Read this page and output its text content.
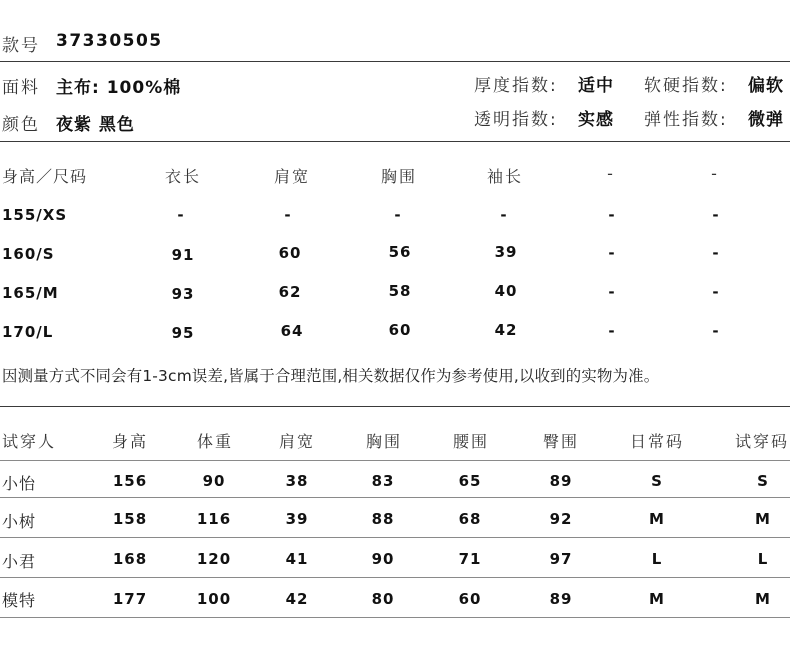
款号 37330505
面料 主布: 100%棉	厚度指数: 适中 软硬指数: 偏软
颜色 夜紫 黑色	透明指数: 实感 弹性指数: 微弹
身高／尺码	衣长	肩宽	胸围	袖长	-	-
155/XS	-	-	-	-	-	-
160/S	91	60	56	39	-	-
165/M	93	62	58	40	-	-
170/L	95	64	60	42	-	-
因测量方式不同会有1-3cm误差,皆属于合理范围,相关数据仅作为参考使用,以收到的实物为准。
试穿人	身高	体重	肩宽	胸围	腰围	臀围	日常码	试穿码
小怡	156	90	38	83	65	89	S	S
小树	158	116	39	88	68	92	M	M
小君	168	120	41	90	71	97	L	L
模特	177	100	42	80	60	89	M	M
